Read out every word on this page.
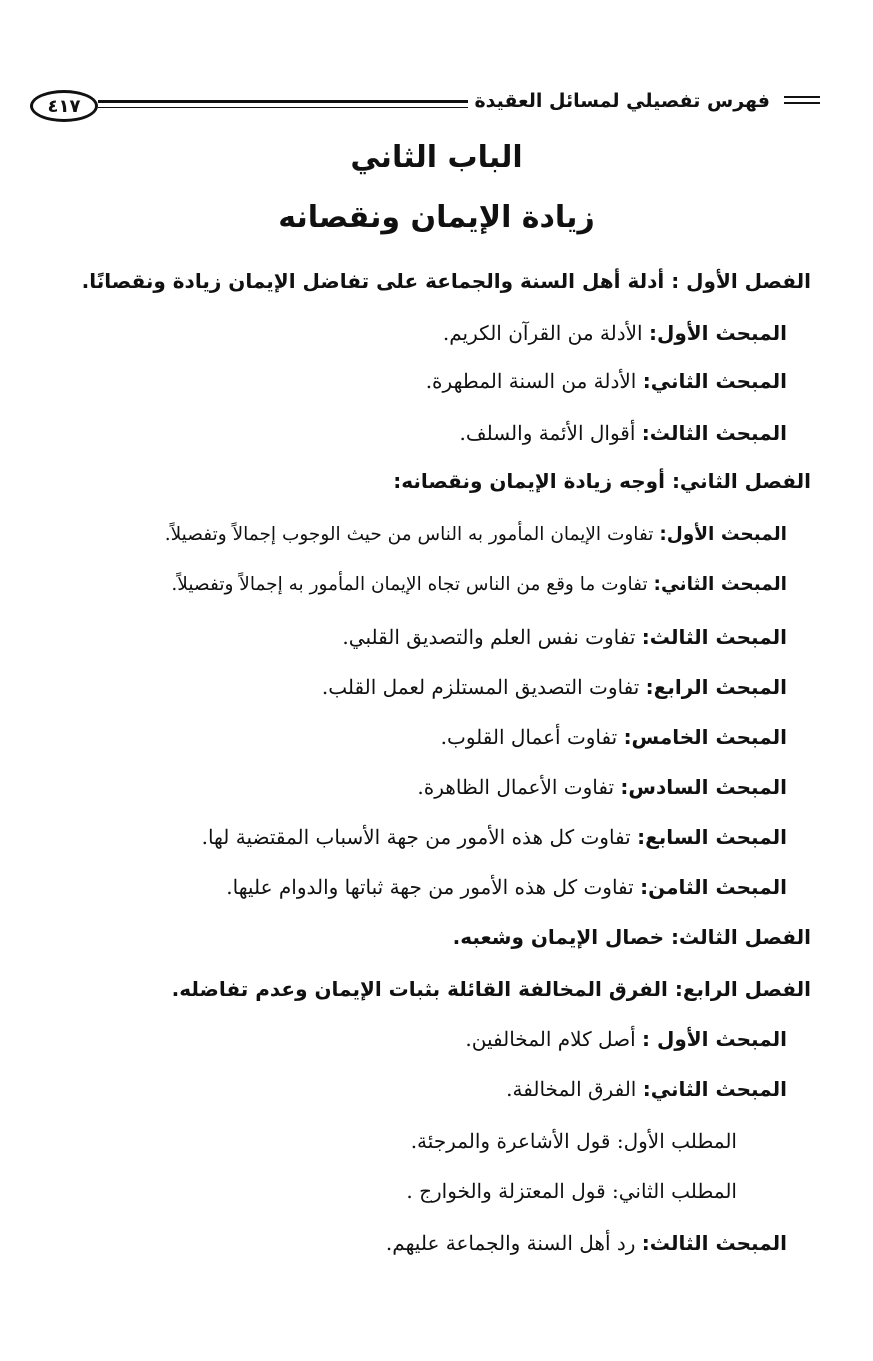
٤١٧	فهرس تفصيلي لمسائل العقيدة
الباب الثاني
زيادة الإيمان ونقصانه
الفصل الأول : أدلة أهل السنة والجماعة على تفاضل الإيمان زيادة ونقصانًا.
المبحث الأول: الأدلة من القرآن الكريم.
المبحث الثاني: الأدلة من السنة المطهرة.
المبحث الثالث: أقوال الأئمة والسلف.
الفصل الثاني: أوجه زيادة الإيمان ونقصانه:
المبحث الأول: تفاوت الإيمان المأمور به الناس من حيث الوجوب إجمالاً وتفصيلاً.
المبحث الثاني: تفاوت ما وقع من الناس تجاه الإيمان المأمور به إجمالاً وتفصيلاً.
المبحث الثالث: تفاوت نفس العلم والتصديق القلبي.
المبحث الرابع: تفاوت التصديق المستلزم لعمل القلب.
المبحث الخامس: تفاوت أعمال القلوب.
المبحث السادس: تفاوت الأعمال الظاهرة.
المبحث السابع: تفاوت كل هذه الأمور من جهة الأسباب المقتضية لها.
المبحث الثامن: تفاوت كل هذه الأمور من جهة ثباتها والدوام عليها.
الفصل الثالث: خصال الإيمان وشعبه.
الفصل الرابع: الفرق المخالفة القائلة بثبات الإيمان وعدم تفاضله.
المبحث الأول : أصل كلام المخالفين.
المبحث الثاني: الفرق المخالفة.
المطلب الأول: قول الأشاعرة والمرجئة.
المطلب الثاني: قول المعتزلة والخوارج .
المبحث الثالث: رد أهل السنة والجماعة عليهم.
